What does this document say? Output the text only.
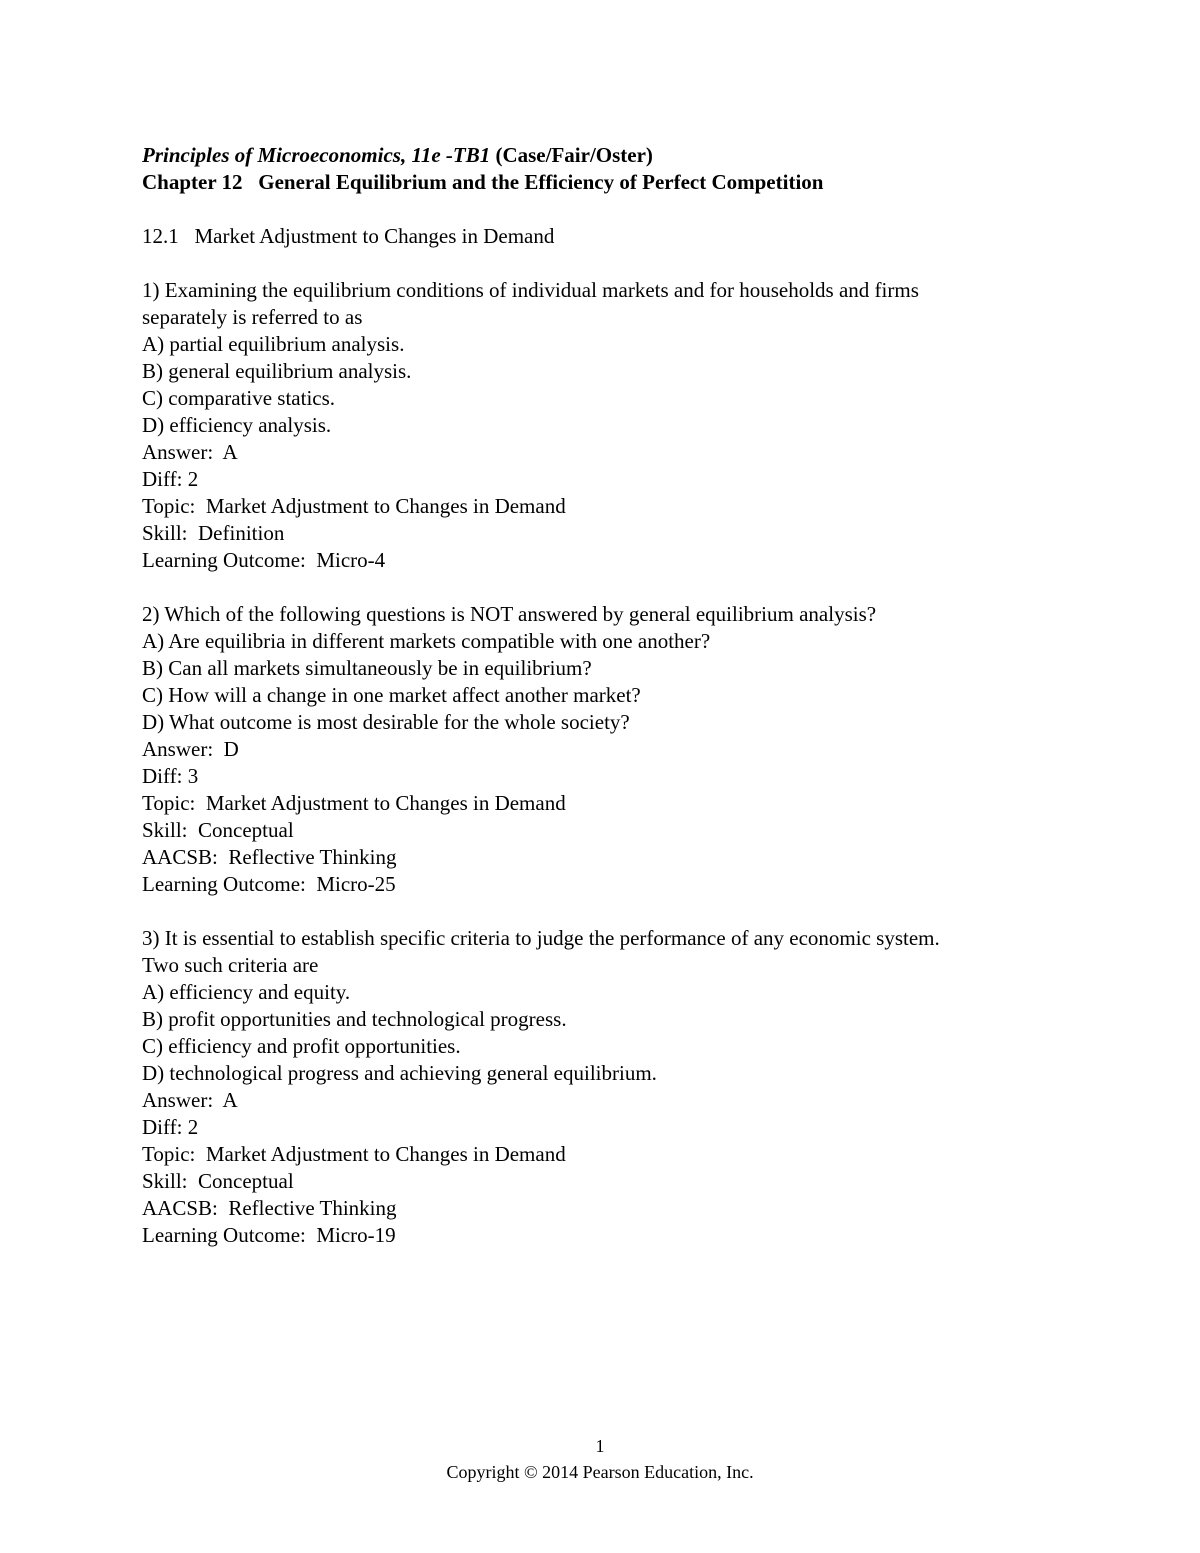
Principles of Microeconomics, 11e -TB1 (Case/Fair/Oster)

Chapter 12   General Equilibrium and the Efficiency of Perfect Competition

12.1   Market Adjustment to Changes in Demand

1) Examining the equilibrium conditions of individual markets and for households and firms

separately is referred to as

A) partial equilibrium analysis.

B) general equilibrium analysis.

C) comparative statics.

D) efficiency analysis.

Answer:  A

Diff: 2

Topic:  Market Adjustment to Changes in Demand

Skill:  Definition

Learning Outcome:  Micro-4

2) Which of the following questions is NOT answered by general equilibrium analysis?

A) Are equilibria in different markets compatible with one another?

B) Can all markets simultaneously be in equilibrium?

C) How will a change in one market affect another market?

D) What outcome is most desirable for the whole society?

Answer:  D

Diff: 3

Topic:  Market Adjustment to Changes in Demand

Skill:  Conceptual

AACSB:  Reflective Thinking

Learning Outcome:  Micro-25

3) It is essential to establish specific criteria to judge the performance of any economic system.

Two such criteria are

A) efficiency and equity.

B) profit opportunities and technological progress.

C) efficiency and profit opportunities.

D) technological progress and achieving general equilibrium.

Answer:  A

Diff: 2

Topic:  Market Adjustment to Changes in Demand

Skill:  Conceptual

AACSB:  Reflective Thinking

Learning Outcome:  Micro-19

1
Copyright © 2014 Pearson Education, Inc.
